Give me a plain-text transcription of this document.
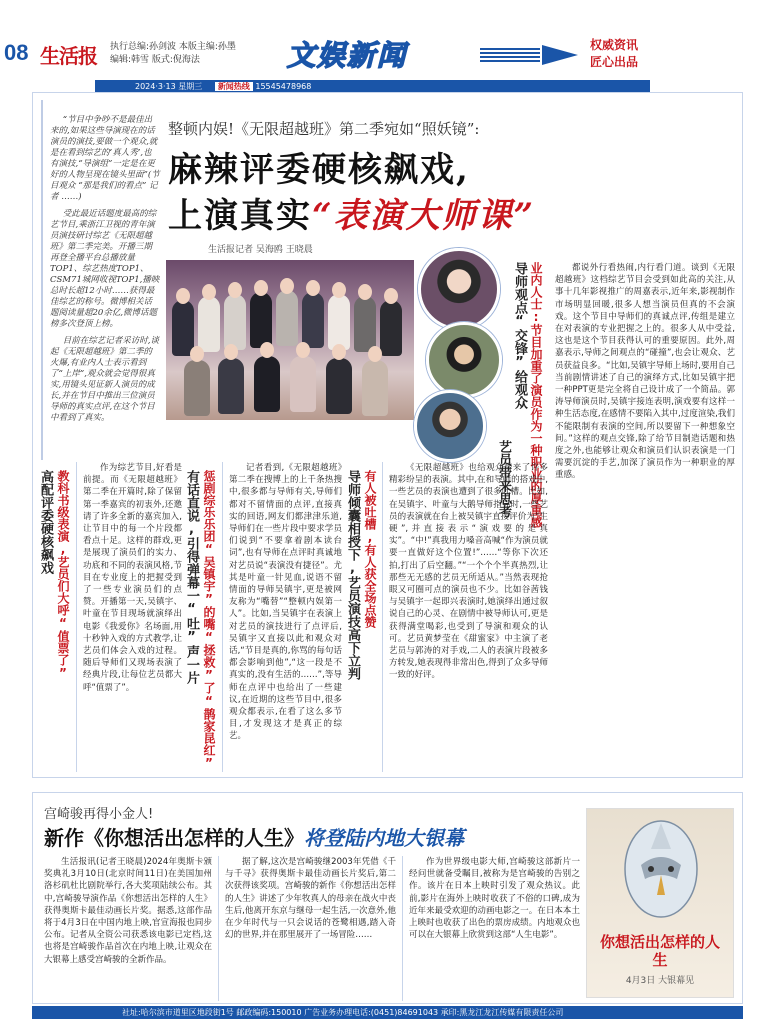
08 生活报 执行总编:孙剑波 本版主编:孙墨
编辑:韩雪 版式:倪海法	文娱新闻	权威资讯
匠心出品
2024·3·13 星期三 新闻热线 15545478968

“节目中争吵不是最佳出来的,如果这些导演现在的话演员的演技,要做一个观众,就是在看到综艺的‘真人秀’,也有演技,“导演组”一定是在更好的人物呈现在镜头里面”(节目观众 “那是我们的看点” 记者 ……)

受此最近话题度最高的综艺节目,乘浙江卫视的青年演员演技研讨综艺《无限超越班》第二季完美。开播三期再登全播平台总播放量TOP1、综艺热度TOP1、CSM71城网收视TOP1,播映总时长超12小时……获得最佳综艺的称号。微博相关话题阅读量超20余亿,微博话题榜多次登顶上榜。

目前在综艺记者采访时,谈起《无限超越班》第二季的火爆,有业内人士表示看到了“上岸”,观众就会觉得很真实,用镜头见证新人演员的成长,并在节目中推出三位演员导师的真实点评,在这个节目中看到了真实。

整顿内娱!《无限超越班》第二季宛如“照妖镜”:
麻辣评委硬核飙戏,
上演真实“表演大师课”
生活报记者 吴海鸥 王晓晨
导师观点“交锋”给观众 业内人士:节目加重了演员作为一种职业的厚重感
艺员带来思考

都说外行看热闹,内行看门道。谈到《无限超越班》这档综艺节目会受到如此高的关注,从事十几年影视推广的周嘉表示,近年来,影视制作市场明显回暖,很多人想当演员但真的不会演戏。这个节目中导师们的真诚点评,传组是建立在对表演的专业把握之上的。很多人从中受益,这也是这个节目获得认可的重要原因。此外,周嘉表示,导师之间观点的“碰撞”,也会让观众、艺员获益良多。“比如,吴镇宇导师上场时,要用自己当前剧情讲述了自己的演绎方式,比如吴镇宇把一种PPT更是完全将自己设计成了一个简品。郭涛导师演员时,吴镇宇接连表明,演戏要有这样一种生活态度,在感情不要陷入其中,过度渲染,我们不能限制有表演的空间,所以要留下一种想象空间。”这样的观点交锋,除了给节目制造话题和热度之外,也能够让观众和演员们认识表演是一门需要沉淀的手艺,加深了演员作为一种职业的厚重感。

导师倾囊相授下,艺员演技高下立判 有人被吐槽,有人获全场点赞

《无限超越班》也给观众带来了许多精彩纷呈的表演。其中,在和导师的搭戏中,一些艺员的表演也遭到了很多吐槽。比如,在吴镇宇、叶童与大鹅导师指导时,一些艺员的表演就在台上被吴镇宇直接评价为“生硬”,并直接表示“演戏要的是真实”。“中!”真我用力嗓音高喊“作为演员就要一直做好这个位置!”……“等你下次还拍,打出了后空翻。”“一个个个半真热烈,让那些无无感的艺员无所适从。”当然表现抢眼又可圈可点的演员也不少。比如谷茜钱与吴镇宇一起即兴表演时,她演绎出通过叙说自己的心灵、在剧情中被导师认可,更是获得满堂喝彩,也受到了导演和观众的认可。艺员黄梦莹在《甜蜜家》中主演了老艺员与郭涛的对手戏,二人的表演片段被多方转发,她表现得非常出色,得到了众多导师一致的好评。

有话直说,引得弹幕一“吐”声一片 惩剧综乐乐团“吴镇宇”的嘴“拯救”了“鹊家昆红”

记者看到,《无限超越班》第二季在搜博上的上千条热搜中,很多都与导师有关,导师们都对不留情面的点评,直接真实的回语,网友们都津津乐道,导师们在一些片段中要求学员们说到“不要拿着剧本读台词”,也有导师在点评时真诚地对艺员说“表演没有捷径”。尤其是叶童一针见血,说语不留情面的导师吴镇宇,更是被网友称为“嘴替”“整顿内娱第一人”。比如,当吴镇宇在表演上对艺员的演技进行了点评后,吴镇宇又直接以此和观众对话,“节目是真的,你骂的每句话都会影响到他”,“这一段是不真实的,没有生活的……”,等导师在点评中也给出了一些建议,在近期的这些节目中,很多观众都表示,在看了这么多节目,才发现这才是真正的综艺。

高配评委硬核飙戏 教科书级表演,艺员们大呼“值票了”

作为综艺节目,好看是前提。而《无限超越班》第二季在开篇时,除了保留第一季嘉宾的初衷外,还邀请了许多全新的嘉宾加入,让节目中的每一个片段都看点十足。这样的群戏,更是展现了演员们的实力、功底和不同的表演风格,节目在专业度上的把握受到了一些专业演员们的点赞。开播第一天,吴镇宇、叶童在节目现场就演绎出电影《我爱你》名场面,用十秒钟入戏的方式教学,让艺员们体会入戏的过程。随后导师们又现场表演了经典片段,让每位艺员都大呼“值票了”。

宫崎骏再得小金人!
新作《你想活出怎样的人生》将登陆内地大银幕

生活报讯(记者王晓晨)2024年奥斯卡颁奖典礼3月10日(北京时间11日)在美国加州洛杉矶杜比剧院举行,各大奖项陆续公布。其中,宫崎骏导演作品《你想活出怎样的人生》获得奥斯卡最佳动画长片奖。据悉,这部作品将于4月3日在中国内地上映,官宣海报也同步公布。记者从全资公司获悉该电影已定档,这也将是宫崎骏作品首次在内地上映,让观众在大银幕上感受宫崎骏的全新作品。

据了解,这次是宫崎骏继2003年凭借《千与千寻》获得奥斯卡最佳动画长片奖后,第二次获得该奖项。宫崎骏的新作《你想活出怎样的人生》讲述了少年牧真人的母亲在战火中丧生后,他离开东京与继母一起生活,一次意外,他在少年时代与一只会说话的苍鹭相遇,踏入奇幻的世界,并在那里展开了一场冒险……

作为世界级电影大师,宫崎骏这部新片一经问世就备受瞩目,被称为是宫崎骏的告别之作。该片在日本上映时引发了观众热议。此前,影片在海外上映时收获了不俗的口碑,成为近年来最受欢迎的动画电影之一。在日本本土上映时也收获了出色的票房成绩。内地观众也可以在大银幕上欣赏到这部“人生电影”。	你想活出怎样的人生
4月3日 大银幕见
社址:哈尔滨市道里区地段街1号 邮政编码:150010 广告业务办理电话:(0451)84691043 承印:黑龙江龙江传媒有限责任公司
